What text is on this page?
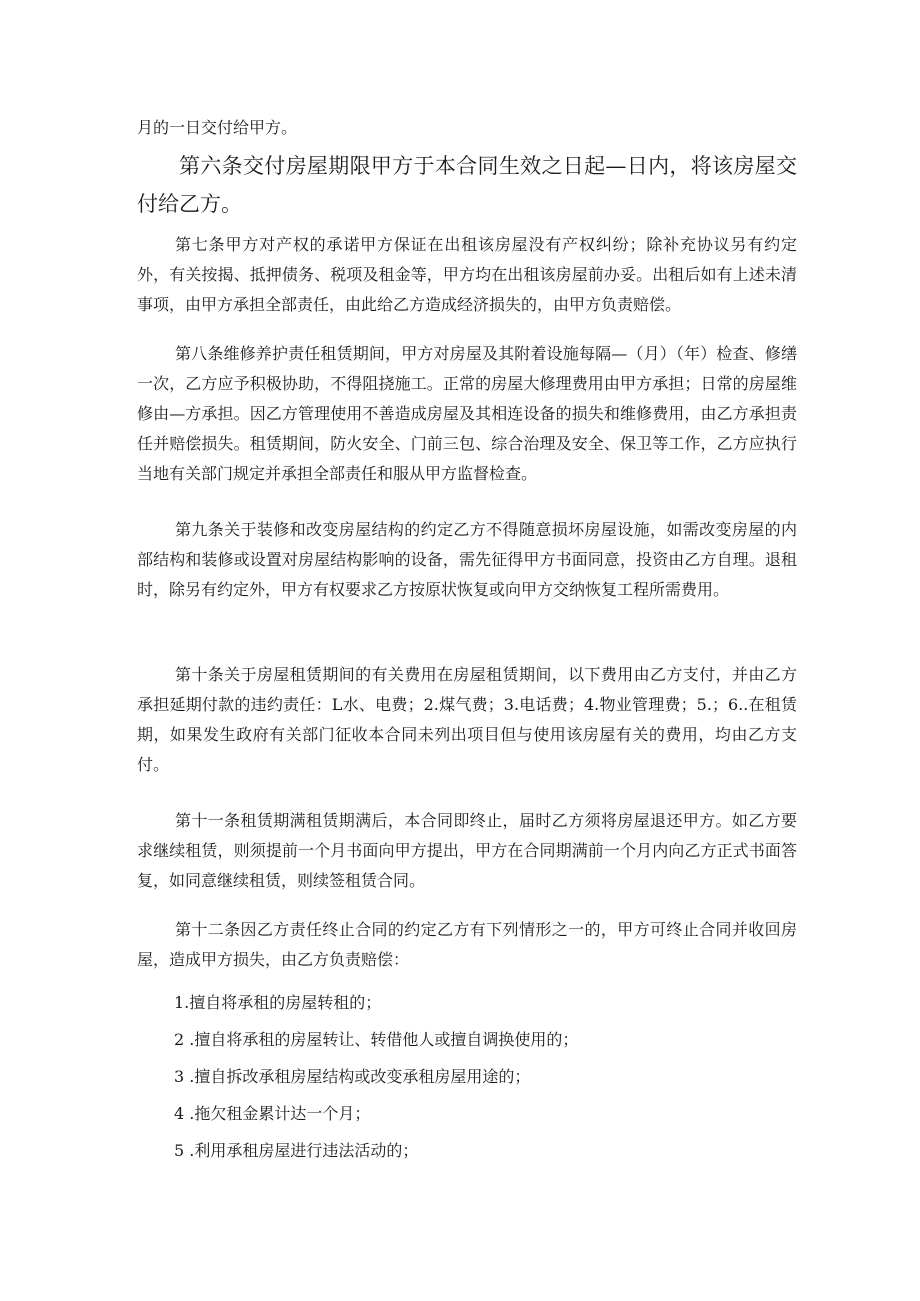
月的一日交付给甲方。

第六条交付房屋期限甲方于本合同生效之日起—日内，将该房屋交付给乙方。

第七条甲方对产权的承诺甲方保证在出租该房屋没有产权纠纷；除补充协议另有约定外，有关按揭、抵押债务、税项及租金等，甲方均在出租该房屋前办妥。出租后如有上述未清事项，由甲方承担全部责任，由此给乙方造成经济损失的，由甲方负责赔偿。

第八条维修养护责任租赁期间，甲方对房屋及其附着设施每隔—（月）（年）检查、修缮一次，乙方应予积极协助，不得阻挠施工。正常的房屋大修理费用由甲方承担；日常的房屋维修由—方承担。因乙方管理使用不善造成房屋及其相连设备的损失和维修费用，由乙方承担责任并赔偿损失。租赁期间，防火安全、门前三包、综合治理及安全、保卫等工作，乙方应执行当地有关部门规定并承担全部责任和服从甲方监督检查。

第九条关于装修和改变房屋结构的约定乙方不得随意损坏房屋设施，如需改变房屋的内部结构和装修或设置对房屋结构影响的设备，需先征得甲方书面同意，投资由乙方自理。退租时，除另有约定外，甲方有权要求乙方按原状恢复或向甲方交纳恢复工程所需费用。

第十条关于房屋租赁期间的有关费用在房屋租赁期间，以下费用由乙方支付，并由乙方承担延期付款的违约责任：L水、电费；2.煤气费；3.电话费；4.物业管理费；5.；6..在租赁期，如果发生政府有关部门征收本合同未列出项目但与使用该房屋有关的费用，均由乙方支付。

第十一条租赁期满租赁期满后，本合同即终止，届时乙方须将房屋退还甲方。如乙方要求继续租赁，则须提前一个月书面向甲方提出，甲方在合同期满前一个月内向乙方正式书面答复，如同意继续租赁，则续签租赁合同。

第十二条因乙方责任终止合同的约定乙方有下列情形之一的，甲方可终止合同并收回房屋，造成甲方损失，由乙方负责赔偿：

1.擅自将承租的房屋转租的；

2 .擅自将承租的房屋转让、转借他人或擅自调换使用的；

3 .擅自拆改承租房屋结构或改变承租房屋用途的；

4 .拖欠租金累计达一个月；

5 .利用承租房屋进行违法活动的；
